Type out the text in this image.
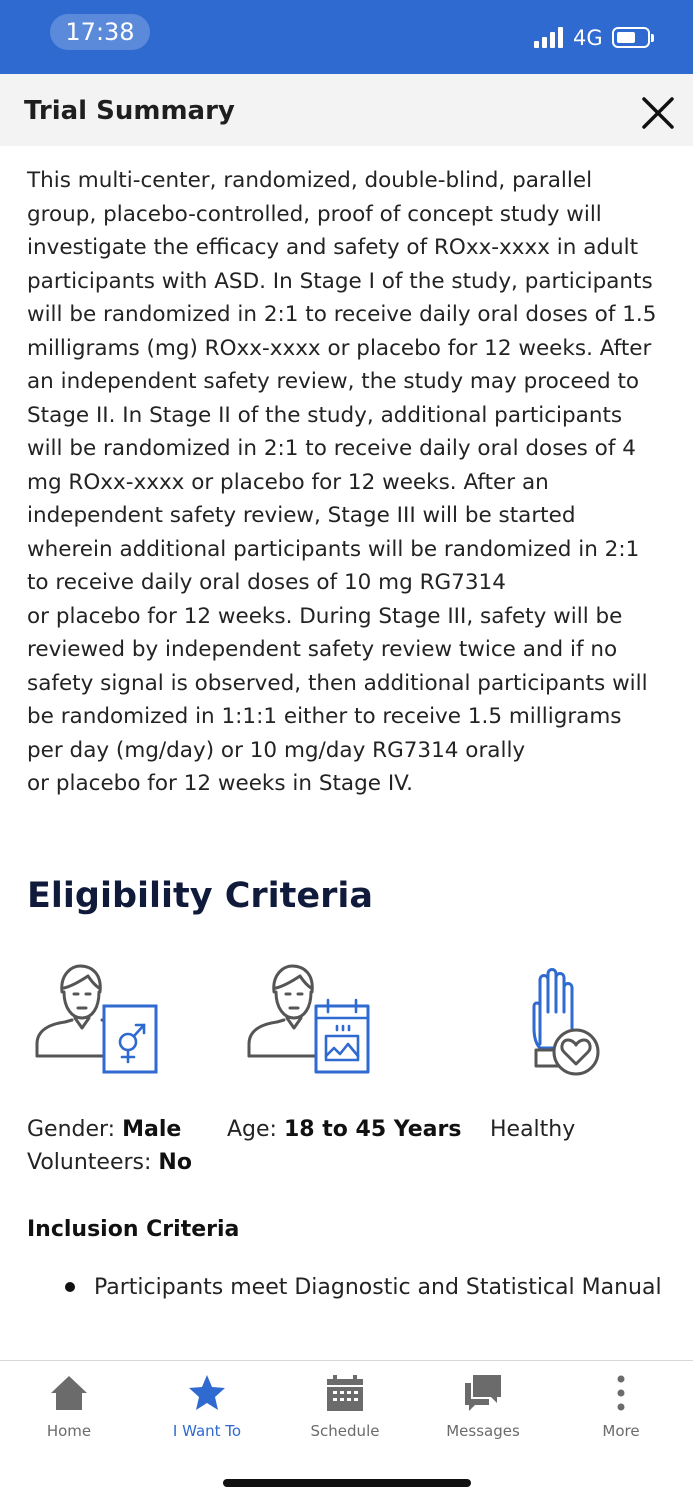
17:38	4G
Trial Summary
This multi-center, randomized, double-blind, parallel
group, placebo-controlled, proof of concept study will
investigate the efficacy and safety of ROxx-xxxx in adult
participants with ASD. In Stage I of the study, participants
will be randomized in 2:1 to receive daily oral doses of 1.5
milligrams (mg) ROxx-xxxx or placebo for 12 weeks. After
an independent safety review, the study may proceed to
Stage II. In Stage II of the study, additional participants
will be randomized in 2:1 to receive daily oral doses of 4
mg ROxx-xxxx or placebo for 12 weeks. After an
independent safety review, Stage III will be started
wherein additional participants will be randomized in 2:1
to receive daily oral doses of 10 mg RG7314
or placebo for 12 weeks. During Stage III, safety will be
reviewed by independent safety review twice and if no
safety signal is observed, then additional participants will
be randomized in 1:1:1 either to receive 1.5 milligrams
per day (mg/day) or 10 mg/day RG7314 orally
or placebo for 12 weeks in Stage IV.
Eligibility Criteria
Gender: Male
Volunteers: No
Age: 18 to 45 Years Healthy
Inclusion Criteria
Participants meet Diagnostic and Statistical Manual
Home	I Want To	Schedule	Messages	More
